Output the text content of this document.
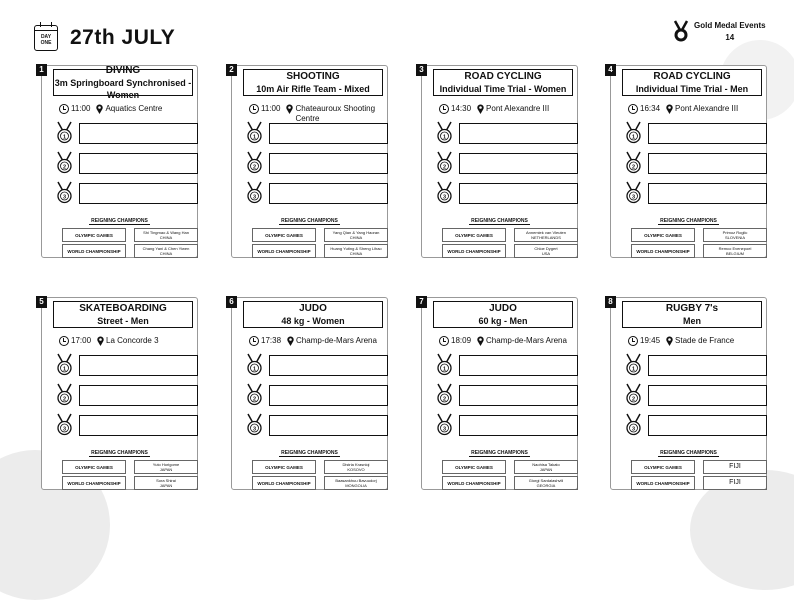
DAY
ONE 27th JULY
Gold Medal Events
14
1	DIVING
3m Springboard Synchronised - Women
11:00 Aquatics Centre
1
2
3
REIGNING CHAMPIONS
OLYMPIC GAMES	Shi Tingmao & Wang Han
CHINA
WORLD CHAMPIONSHIP	Chang Yani & Chen Yiwen
CHINA
2
SHOOTING
10m Air Rifle Team - Mixed
11:00 Chateauroux Shooting Centre
1
2
3
REIGNING CHAMPIONS
OLYMPIC GAMES	Yang Qian & Yang Haoran
CHINA
WORLD CHAMPIONSHIP	Huang Yuting & Sheng Lihao
CHINA
3
ROAD CYCLING
Individual Time Trial - Women
14:30 Pont Alexandre III
1
2
3
REIGNING CHAMPIONS
OLYMPIC GAMES	Annemiek van Vleuten
NETHERLANDS
WORLD CHAMPIONSHIP	Chloe Dygert
USA
4
ROAD CYCLING
Individual Time Trial - Men
16:34 Pont Alexandre III
1
2
3
REIGNING CHAMPIONS
OLYMPIC GAMES	Primoz Roglic
SLOVENIA
WORLD CHAMPIONSHIP	Remco Evenepoel
BELGIUM
5
SKATEBOARDING
Street - Men
17:00 La Concorde 3
1
2
3
REIGNING CHAMPIONS
OLYMPIC GAMES	Yuto Horigome
JAPAN
WORLD CHAMPIONSHIP	Sora Shirai
JAPAN
6
JUDO
48 kg - Women
17:38 Champ-de-Mars Arena
1
2
3
REIGNING CHAMPIONS
OLYMPIC GAMES	Distria Krasniqi
KOSOVO
WORLD CHAMPIONSHIP	Baasankhuu Bavuudorj
MONGOLIA
7
JUDO
60 kg - Men
18:09 Champ-de-Mars Arena
1
2
3
REIGNING CHAMPIONS
OLYMPIC GAMES	Naohisa Takato
JAPAN
WORLD CHAMPIONSHIP	Giorgi Sardalashvili
GEORGIA
8
RUGBY 7's
Men
19:45 Stade de France
1
2
3
REIGNING CHAMPIONS
OLYMPIC GAMES	FIJI
WORLD CHAMPIONSHIP	FIJI
